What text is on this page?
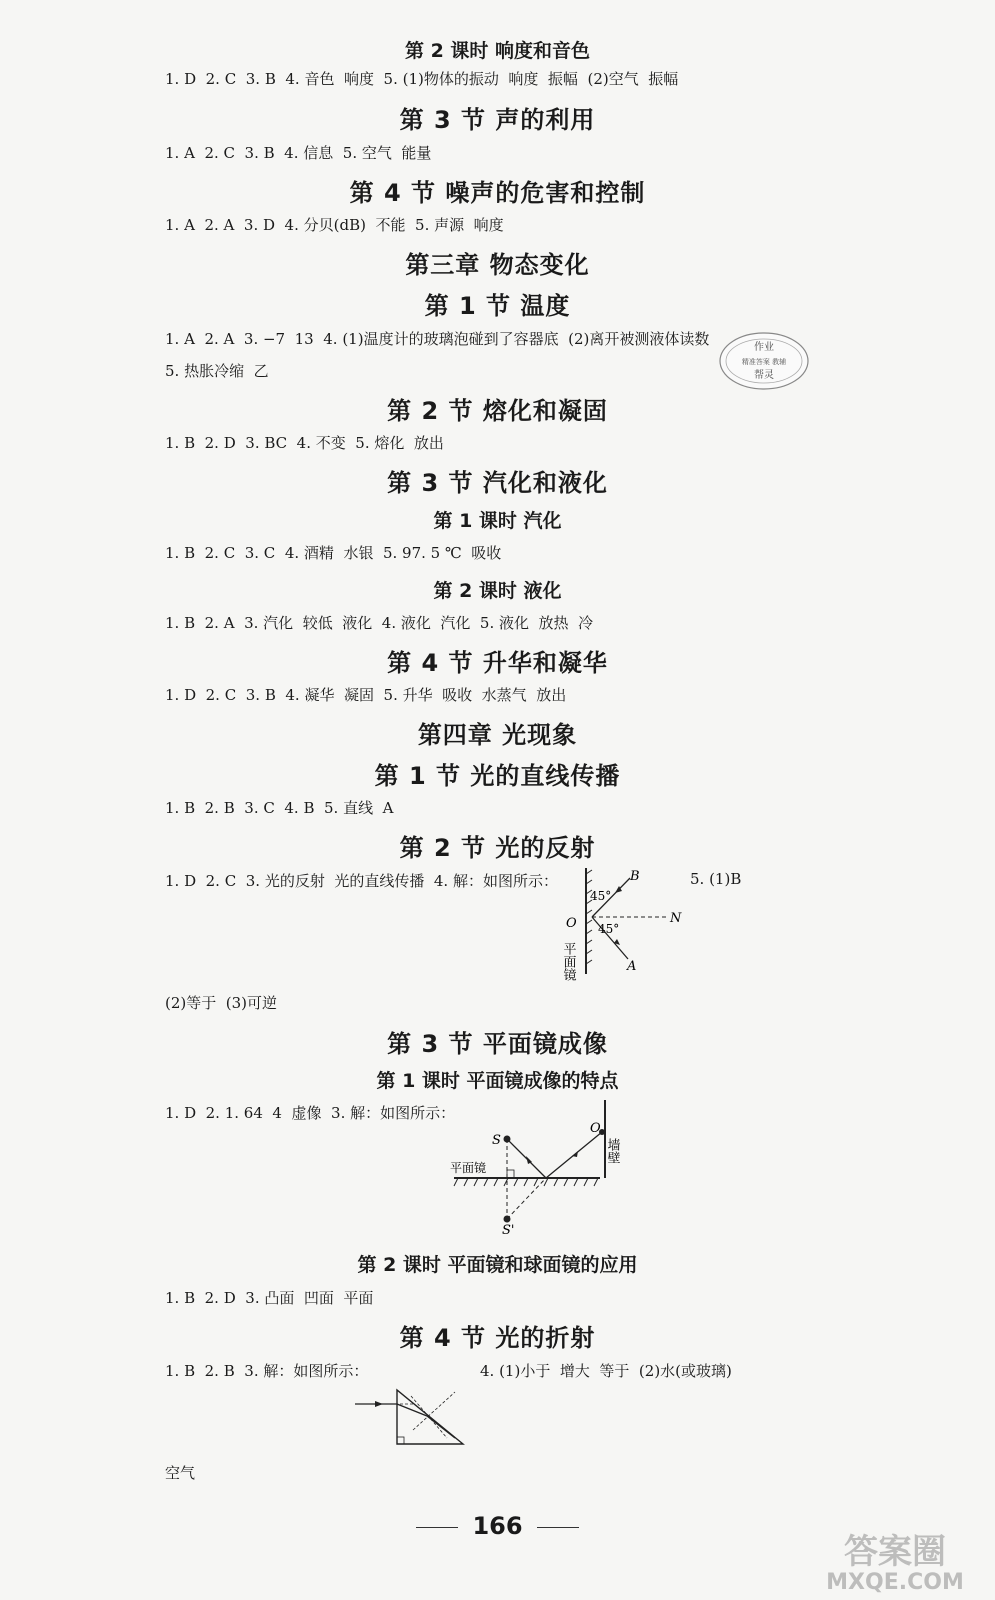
第 2 课时 响度和音色
1. D  2. C  3. B  4. 音色  响度  5. (1)物体的振动  响度  振幅  (2)空气  振幅
第 3 节 声的利用
1. A  2. C  3. B  4. 信息  5. 空气  能量
第 4 节 噪声的危害和控制
1. A  2. A  3. D  4. 分贝(dB)  不能  5. 声源  响度
第三章 物态变化
第 1 节 温度
1. A  2. A  3. −7  13  4. (1)温度计的玻璃泡碰到了容器底  (2)离开被测液体读数
5. 热胀冷缩  乙
作业
精准答案 教辅
帮灵
第 2 节 熔化和凝固
1. B  2. D  3. BC  4. 不变  5. 熔化  放出
第 3 节 汽化和液化
第 1 课时 汽化
1. B  2. C  3. C  4. 酒精  水银  5. 97. 5 ℃  吸收
第 2 课时 液化
1. B  2. A  3. 汽化  较低  液化  4. 液化  汽化  5. 液化  放热  冷
第 4 节 升华和凝华
1. D  2. C  3. B  4. 凝华  凝固  5. 升华  吸收  水蒸气  放出
第四章 光现象
第 1 节 光的直线传播
1. B  2. B  3. C  4. B  5. 直线  A
第 2 节 光的反射
1. D  2. C  3. 光的反射  光的直线传播  4. 解：如图所示：	5. (1)B
45°
45°
B
N
A
O
平面镜
(2)等于  (3)可逆
第 3 节 平面镜成像
第 1 课时 平面镜成像的特点
1. D  2. 1. 64  4  虚像  3. 解：如图所示：
S
S'
O
墙壁
平面镜
第 2 课时 平面镜和球面镜的应用
1. B  2. D  3. 凸面  凹面  平面
第 4 节 光的折射
1. B  2. B  3. 解：如图所示：	4. (1)小于  增大  等于  (2)水(或玻璃)
空气
166
答案圈
MXQE.COM
